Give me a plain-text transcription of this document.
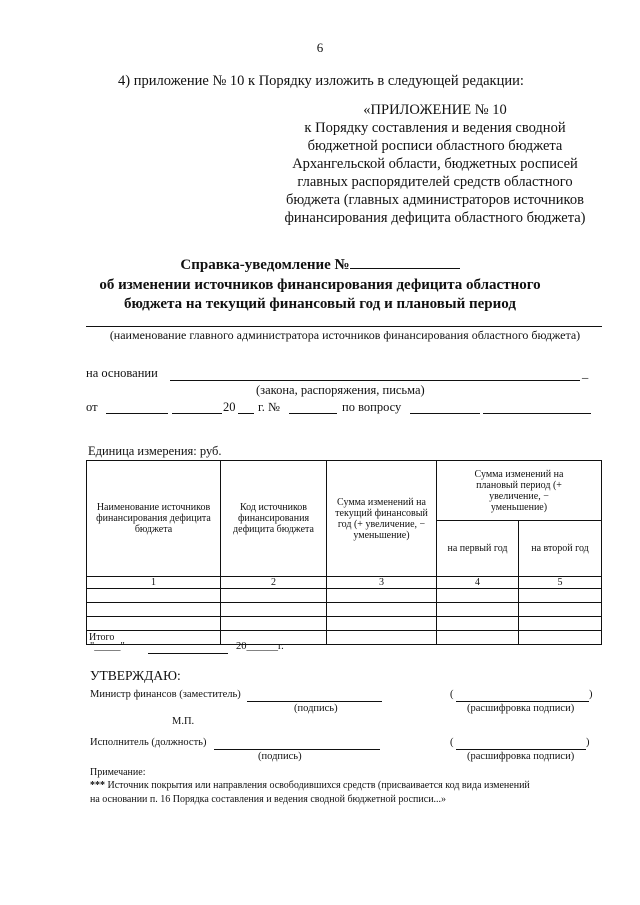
6
4) приложение № 10 к Порядку изложить в следующей редакции:
«ПРИЛОЖЕНИЕ № 10
к Порядку составления и ведения сводной
бюджетной росписи областного бюджета
Архангельской области, бюджетных росписей
главных распорядителей средств областного
бюджета (главных администраторов источников
финансирования дефицита областного бюджета)
Справка-уведомление №
об изменении источников финансирования дефицита областного
бюджета на текущий финансовый год и плановый период
(наименование главного администратора источников финансирования областного бюджета)
на основании	_
(закона, распоряжения, письма)
от	20 г. №	по вопросу
Единица измерения: руб.
Наименование источников финансирования дефицита бюджета	Код источников финансирования дефицита бюджета	Сумма изменений на текущий финансовый год (+ увеличение, − уменьшение)	Сумма изменений на плановый период (+ увеличение, − уменьшение)	
			на первый год	на второй год
1	2	3	4	5

Итого				
"_____"	20______г.
УТВЕРЖДАЮ:
Министр финансов (заместитель)
(подпись)
(	)
(расшифровка подписи)
М.П.
Исполнитель (должность)
(подпись)
(	)
(расшифровка подписи)
Примечание:
*** Источник покрытия или направления освободившихся средств (присваивается код вида изменений
на основании п. 16 Порядка составления и ведения сводной бюджетной росписи...»
